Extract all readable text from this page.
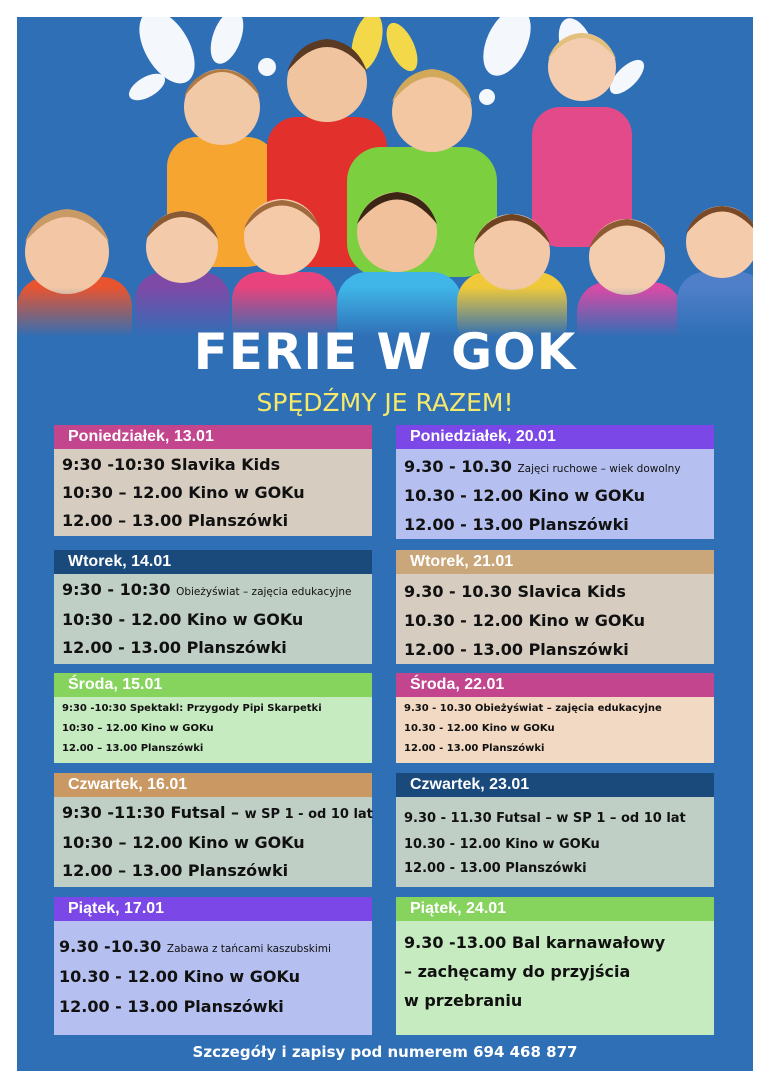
FERIE W GOK
SPĘDŹMY JE RAZEM!
Poniedziałek, 13.01
9:30 -10:30 Slavika Kids
10:30 – 12.00 Kino w GOKu
12.00 – 13.00 Planszówki
Wtorek, 14.01
9:30 - 10:30 Obieżyświat – zajęcia edukacyjne
10:30 - 12.00 Kino w GOKu
12.00 - 13.00 Planszówki
Środa, 15.01
9:30 -10:30 Spektakl: Przygody Pipi Skarpetki
10:30 – 12.00 Kino w GOKu
12.00 – 13.00 Planszówki
Czwartek, 16.01
9:30 -11:30 Futsal – w SP 1 - od 10 lat
10:30 – 12.00 Kino w GOKu
12.00 – 13.00 Planszówki
Piątek, 17.01
9.30 -10.30 Zabawa z tańcami kaszubskimi
10.30 - 12.00 Kino w GOKu
12.00 - 13.00 Planszówki
Poniedziałek, 20.01
9.30 - 10.30 Zajęci ruchowe – wiek dowolny
10.30 - 12.00 Kino w GOKu
12.00 - 13.00 Planszówki
Wtorek, 21.01
9.30 - 10.30 Slavica Kids
10.30 - 12.00 Kino w GOKu
12.00 - 13.00 Planszówki
Środa, 22.01
9.30 - 10.30 Obieżyświat – zajęcia edukacyjne
10.30 - 12.00 Kino w GOKu
12.00 - 13.00 Planszówki
Czwartek, 23.01
9.30 - 11.30 Futsal – w SP 1 – od 10 lat
10.30 - 12.00 Kino w GOKu
12.00 - 13.00 Planszówki
Piątek, 24.01
9.30 -13.00 Bal karnawałowy
– zachęcamy do przyjścia
w przebraniu
Szczegóły i zapisy pod numerem 694 468 877
